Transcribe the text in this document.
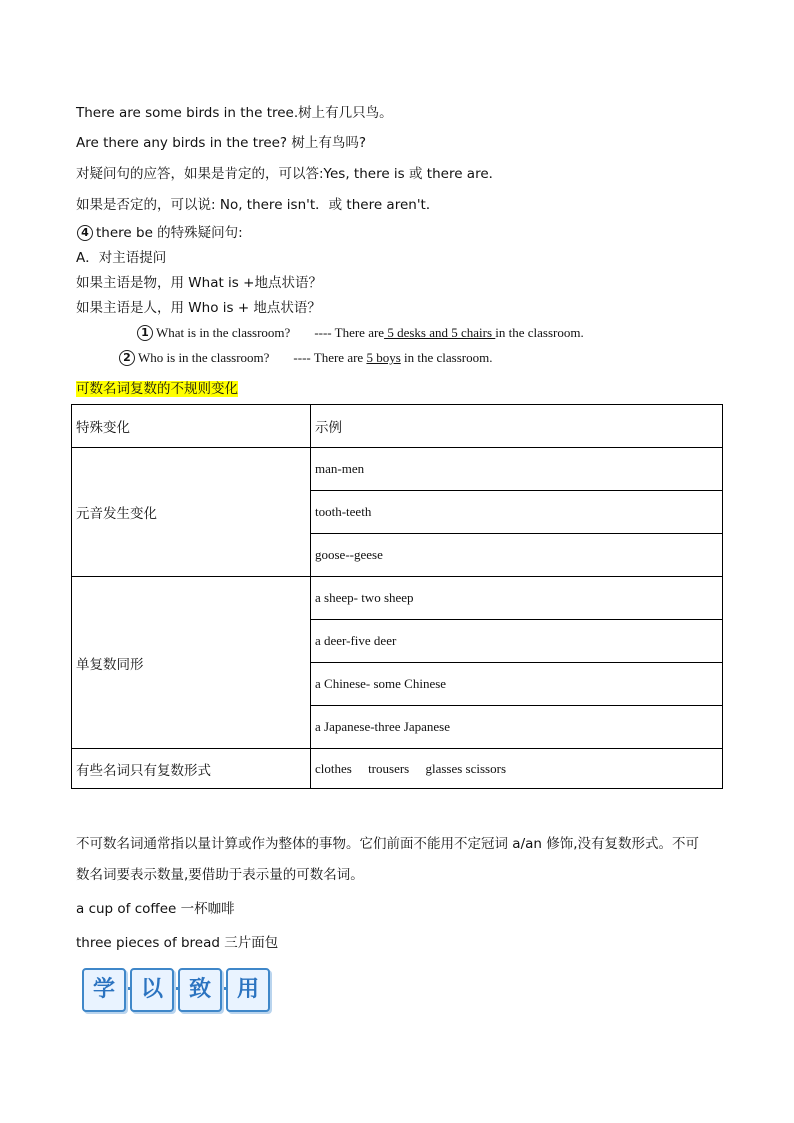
There are some birds in the tree.树上有几只鸟。
Are there any birds in the tree? 树上有鸟吗?
对疑问句的应答，如果是肯定的，可以答:Yes, there is 或 there are．
如果是否定的，可以说: No, there isn't．或 there aren't．
4 there be 的特殊疑问句:
A．对主语提问
如果主语是物，用 What is +地点状语？
如果主语是人，用 Who is + 地点状语？
1 What is in the classroom? ---- There are 5 desks and 5 chairs in the classroom.
2 Who is in the classroom? ---- There are 5 boys in the classroom.
可数名词复数的不规则变化
特殊变化	示例
元音发生变化	man-men
	tooth-teeth
	goose--geese
单复数同形	a sheep- two sheep
	a deer-five deer
	a Chinese- some Chinese
	a Japanese-three Japanese
有些名词只有复数形式	clothes     trousers     glasses scissors
不可数名词通常指以量计算或作为整体的事物。它们前面不能用不定冠词 a/an 修饰,没有复数形式。不可
数名词要表示数量,要借助于表示量的可数名词。
a cup of coffee 一杯咖啡
three pieces of bread 三片面包
学	以	致	用
